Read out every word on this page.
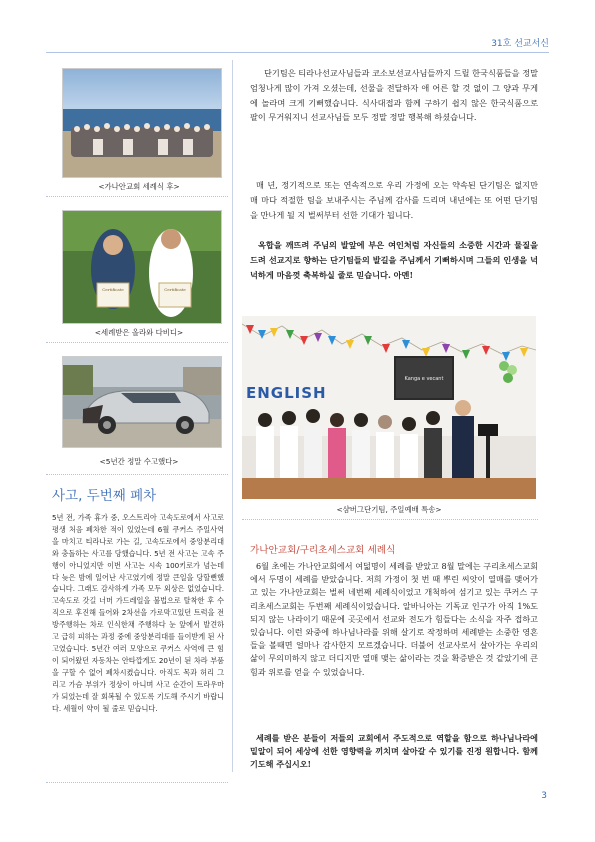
31호 선교서신
<가나안교회 세례식 후>
Certificate	Certificate
<세례받은 올라와 다비디>
<5년간 정말 수고했다>
사고, 두번째 폐차
5년 전, 가족 휴가 중, 오스트리아 고속도로에서 사고로 평생 처음 폐차한 적이 있었는데 6월 쿠커스 주일사역을 마치고 티라나로 가는 길, 고속도로에서 중앙분리대와 충돌하는 사고를 당했습니다. 5년 전 사고는 고속 주행이 아니었지만 이번 사고는 시속 100키로가 넘는데다 늦은 밤에 일어난 사고였기에 정말 큰일을 당할뻔했습니다. 그래도 감사하게 가족 모두 외상은 없었습니다. 고속도로 갓길 너머 가드레일을 불법으로 탈착한 후 수직으로 후진해 들어와 2차선을 가로막고있던 트럭을 전방주행하는 차로 인식한채 주행하다 눈 앞에서 발견하고 급히 피하는 과정 중에 중앙분리대를 들이받게 된 사고였습니다. 5년간 여러 모양으로 쿠커스 사역에 큰 힘이 되어왔던 자동차는 안타깝게도 20년이 된 차라 부품을 구할 수 없어 폐차시켰습니다. 아직도 목과 허리 그리고 가슴 부위가 정상이 아니며 사고 순간이 트라우마가 되었는데 잘 회복될 수 있도록 기도해 주시기 바랍니다. 세월이 약이 될 줄로 믿습니다.
단기팀은 티라나선교사님들과 코소보선교사님들까지 드릴 한국식품들을 정말 엄청나게 많이 가져 오셨는데, 선물을 전달하자 애 어른 할 것 없이 그 양과 무게에 놀라며 크게 기뻐했습니다. 식사대접과 함께 구하기 쉽지 않은 한국식품으로 팔이 무거워지니 선교사님들 모두 정말 정말 행복해 하셨습니다.
매 년, 정기적으로 또는 연속적으로 우리 가정에 오는 약속된 단기팀은 없지만 매 마다 적절한 팀을 보내주시는 주님께 감사를 드리며 내년에는 또 어떤 단기팀을 만나게 될 지 벌써부터 선한 기대가 됩니다.
옥합을 깨뜨려 주님의 발앞에 부은 여인처럼 자신들의 소중한 시간과 물질을 드려 선교지로 향하는 단기팀들의 발길을 주님께서 기뻐하시며 그들의 인생을 넉넉하게 마음껏 축복하실 줄로 믿습니다. 아멘!
ENGLISH
Kanga e vecant
<샴버그단기팀, 주일예배 특송>
가나안교회/구리초세스교회 세례식
6월 초에는 가나안교회에서 여덟명이 세례를 받았고 8월 말에는 구리초세스교회에서 두명이 세례를 받았습니다. 저희 가정이 첫 번 때 뿌린 씨앗이 열매를 맺어가고 있는 가나안교회는 벌써 네번째 세례식이었고 개척하여 섬기고 있는 쿠커스 구리초세스교회는 두번째 세례식이었습니다. 알바니아는 기독교 인구가 아직 1%도 되지 않는 나라이기 때문에 곳곳에서 선교와 전도가 힘들다는 소식을 자주 접하고 있습니다. 이런 와중에 하나님나라를 위해 살기로 작정하며 세례받는 소중한 영혼들을 볼때면 얼마나 감사한지 모르겠습니다. 더불어 선교사로서 살아가는 우리의 삶이 무의미하지 않고 더디지만 열매 맺는 삶이라는 것을 확증받은 것 같았기에 큰 힘과 위로를 얻을 수 있었습니다.
세례를 받은 분들이 저들의 교회에서 주도적으로 역할을 함으로 하나님나라에 밑알이 되어 세상에 선한 영향력을 끼치며 살아갈 수 있기를 진정 원합니다. 함께 기도해 주십시오!
3
